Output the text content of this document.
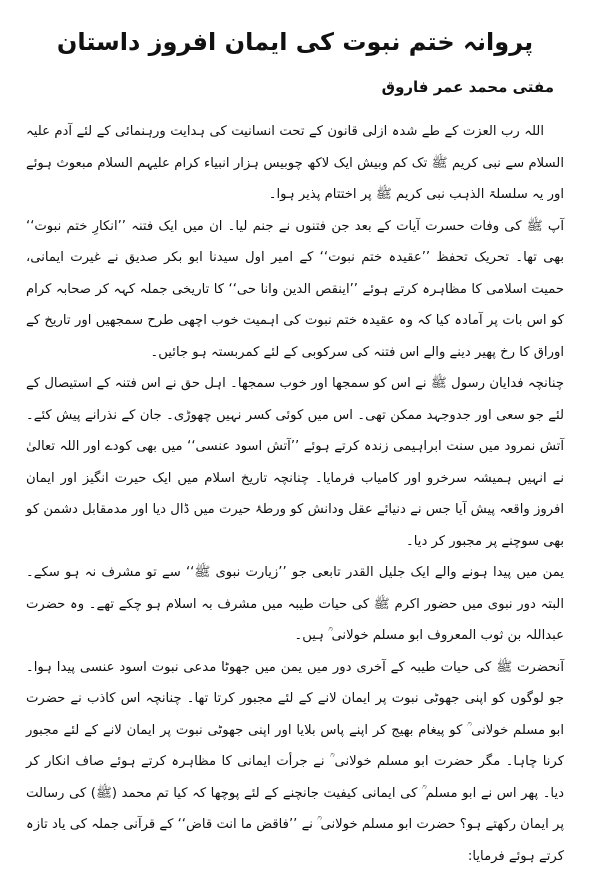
پروانہ ختم نبوت کی ایمان افروز داستان
مفتی محمد عمر فاروق

اللہ رب العزت کے طے شدہ ازلی قانون کے تحت انسانیت کی ہدایت ورہنمائی کے لئے آدم علیہ السلام سے نبی کریم ﷺ تک کم وبیش ایک لاکھ چوبیس ہزار انبیاء کرام علیہم السلام مبعوث ہوئے اور یہ سلسلۃ الذہب نبی کریم ﷺ پر اختتام پذیر ہوا۔

آپ ﷺ کی وفات حسرت آیات کے بعد جن فتنوں نے جنم لیا۔ ان میں ایک فتنہ ’’انکارِ ختم نبوت‘‘ بھی تھا۔ تحریک تحفظ ’’عقیدہ ختم نبوت‘‘ کے امیر اول سیدنا ابو بکر صدیق نے غیرت ایمانی، حمیت اسلامی کا مظاہرہ کرتے ہوئے ’’اینقص الدین وانا حی‘‘ کا تاریخی جملہ کہہ کر صحابہ کرام کو اس بات پر آمادہ کیا کہ وہ عقیدہ ختم نبوت کی اہمیت خوب اچھی طرح سمجھیں اور تاریخ کے اوراق کا رخ پھیر دینے والے اس فتنہ کی سرکوبی کے لئے کمربستہ ہو جائیں۔

چنانچہ فدایان رسول ﷺ نے اس کو سمجھا اور خوب سمجھا۔ اہل حق نے اس فتنہ کے استیصال کے لئے جو سعی اور جدوجہد ممکن تھی۔ اس میں کوئی کسر نہیں چھوڑی۔ جان کے نذرانے پیش کئے۔ آتش نمرود میں سنت ابراہیمی زندہ کرتے ہوئے ’’آتش اسود عنسی‘‘ میں بھی کودے اور اللہ تعالیٰ نے انہیں ہمیشہ سرخرو اور کامیاب فرمایا۔ چنانچہ تاریخ اسلام میں ایک حیرت انگیز اور ایمان افروز واقعہ پیش آیا جس نے دنیائے عقل ودانش کو ورطۂ حیرت میں ڈال دیا اور مدمقابل دشمن کو بھی سوچنے پر مجبور کر دیا۔

یمن میں پیدا ہونے والے ایک جلیل القدر تابعی جو ’’زیارت نبوی ﷺ‘‘ سے تو مشرف نہ ہو سکے۔ البتہ دور نبوی میں حضور اکرم ﷺ کی حیات طیبہ میں مشرف بہ اسلام ہو چکے تھے۔ وہ حضرت عبداللہ بن ثوب المعروف ابو مسلم خولانی ؒ ہیں۔

آنحضرت ﷺ کی حیات طیبہ کے آخری دور میں یمن میں جھوٹا مدعی نبوت اسود عنسی پیدا ہوا۔ جو لوگوں کو اپنی جھوٹی نبوت پر ایمان لانے کے لئے مجبور کرتا تھا۔ چنانچہ اس کاذب نے حضرت ابو مسلم خولانی ؒ کو پیغام بھیج کر اپنے پاس بلایا اور اپنی جھوٹی نبوت پر ایمان لانے کے لئے مجبور کرنا چاہا۔ مگر حضرت ابو مسلم خولانی ؒ نے جرأت ایمانی کا مظاہرہ کرتے ہوئے صاف انکار کر دیا۔ پھر اس نے ابو مسلم ؒ کی ایمانی کیفیت جانچنے کے لئے پوچھا کہ کیا تم محمد (ﷺ) کی رسالت پر ایمان رکھتے ہو؟ حضرت ابو مسلم خولانی ؒ نے ’’فاقض ما انت قاض‘‘ کے قرآنی جملہ کی یاد تازہ کرتے ہوئے فرمایا:
